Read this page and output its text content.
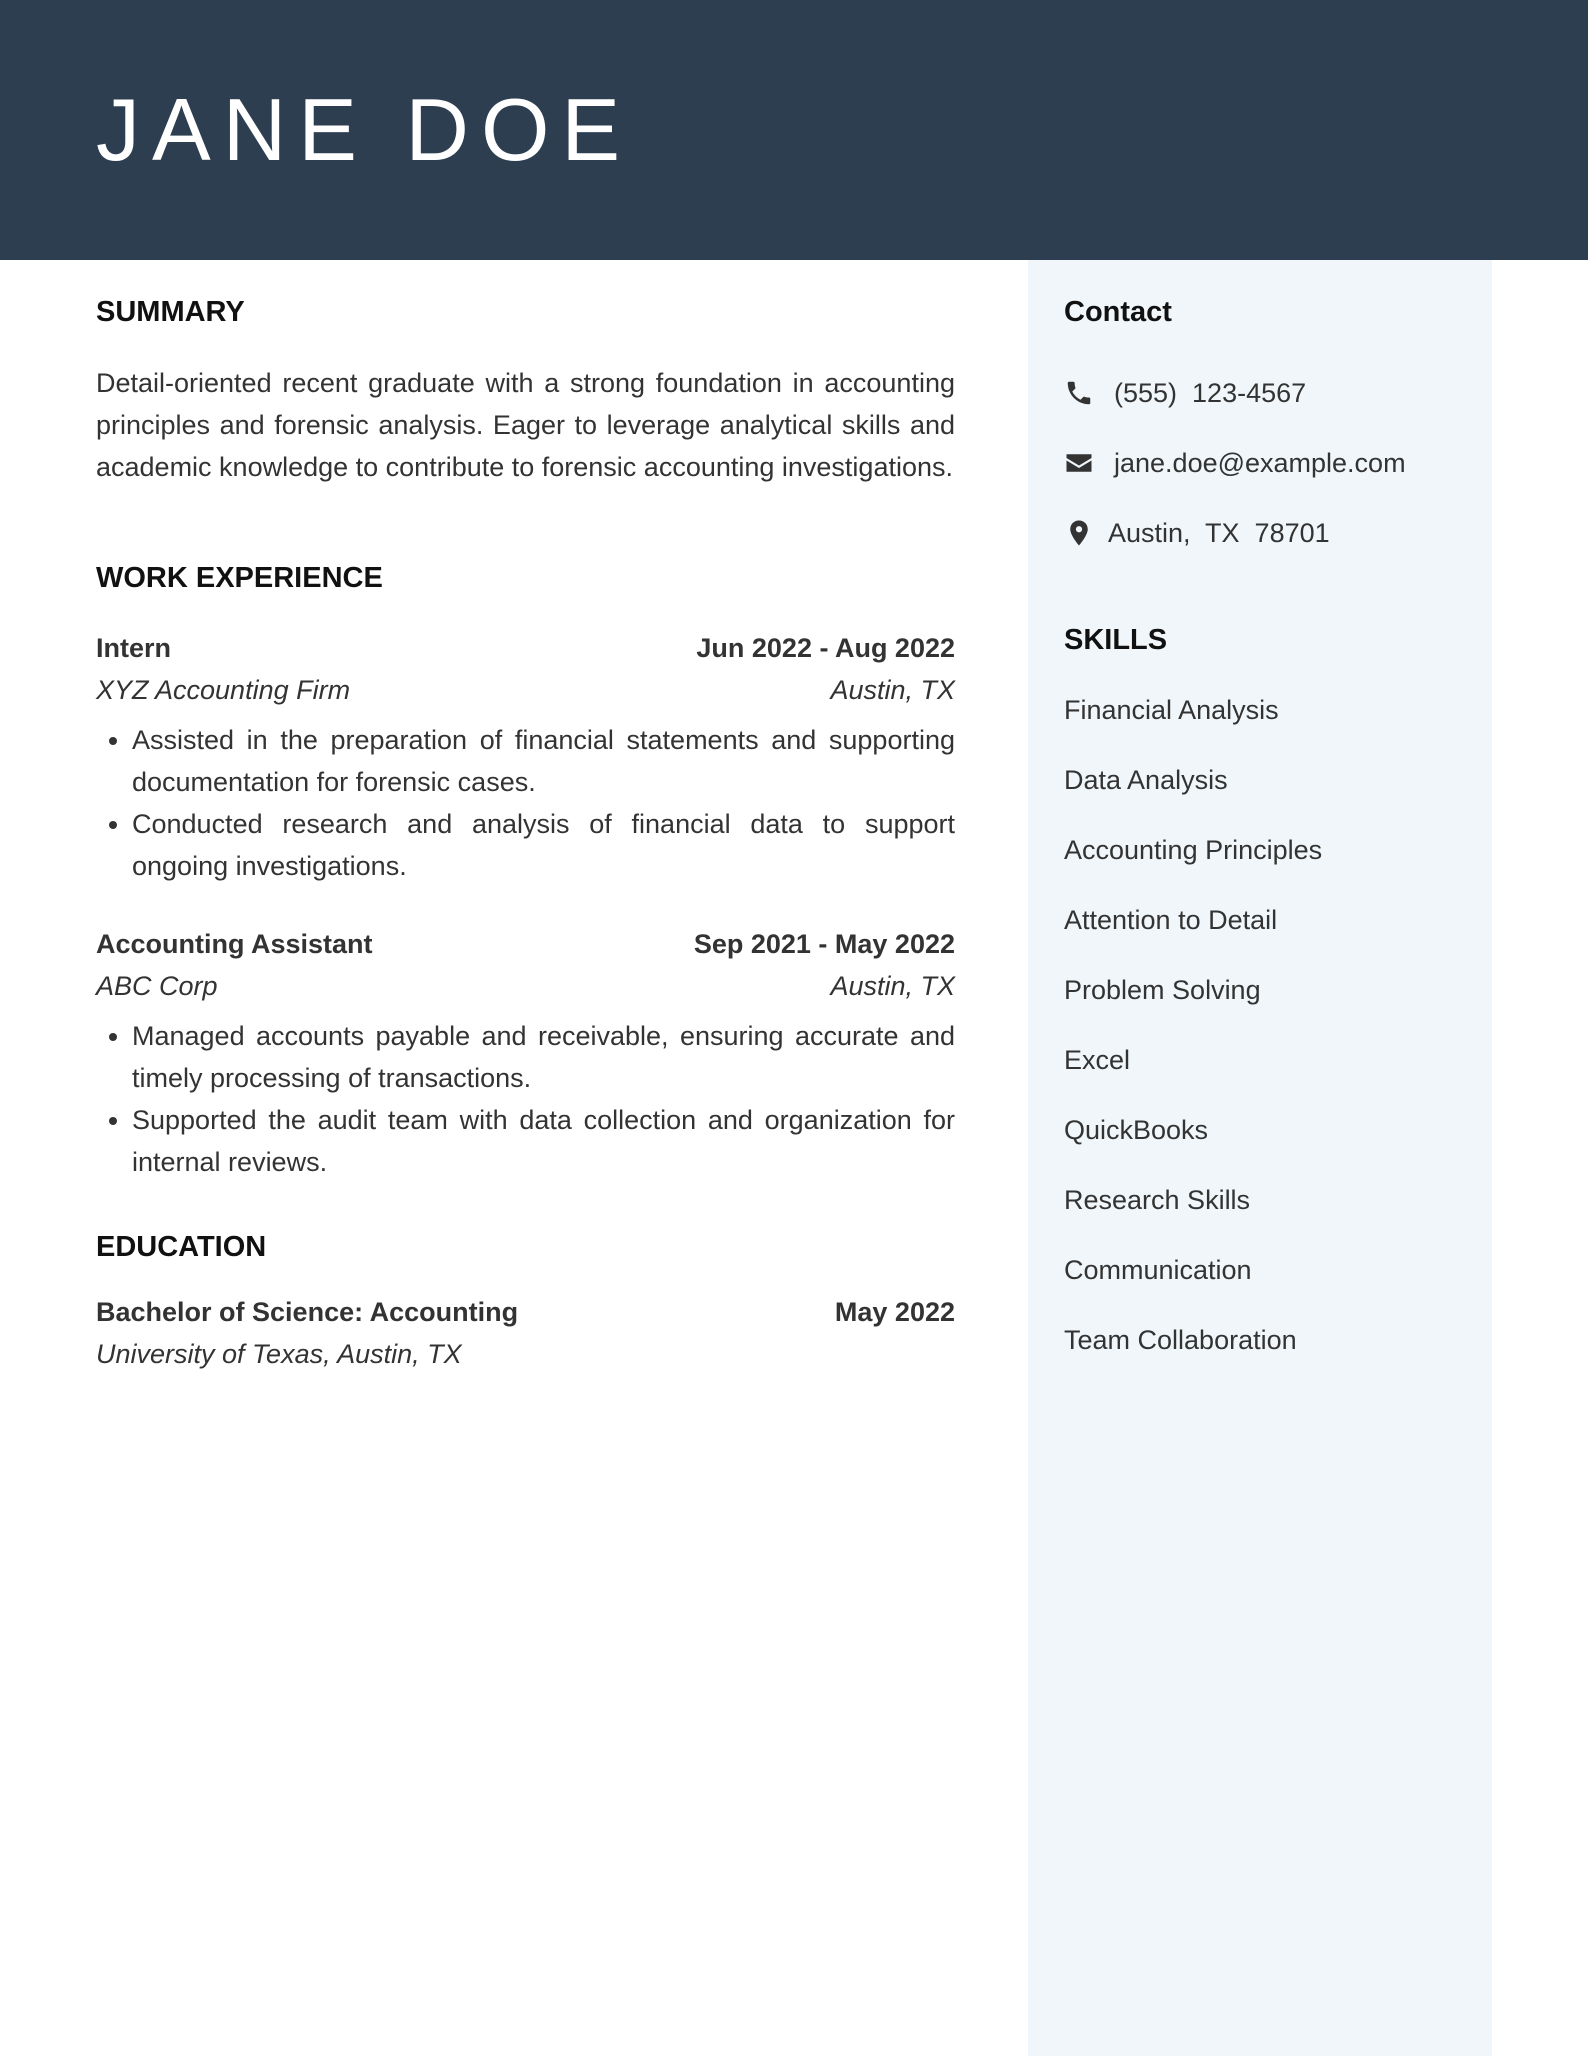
JANE DOE
Contact
(555)  123-4567
jane.doe@example.com
Austin,  TX  78701
SKILLS
Financial Analysis
Data Analysis
Accounting Principles
Attention to Detail
Problem Solving
Excel
QuickBooks
Research Skills
Communication
Team Collaboration
SUMMARY

Detail-oriented recent graduate with a strong foundation in accounting principles and forensic analysis. Eager to leverage analytical skills and academic knowledge to contribute to forensic accounting investigations.

WORK EXPERIENCE
Intern	Jun 2022 - Aug 2022
XYZ Accounting Firm	Austin, TX
• Assisted in the preparation of financial statements and supporting documentation for forensic cases.
• Conducted research and analysis of financial data to support ongoing investigations.
Accounting Assistant	Sep 2021 - May 2022
ABC Corp	Austin, TX
• Managed accounts payable and receivable, ensuring accurate and timely processing of transactions.
• Supported the audit team with data collection and organization for internal reviews.
EDUCATION
Bachelor of Science: Accounting	May 2022
University of Texas, Austin, TX
